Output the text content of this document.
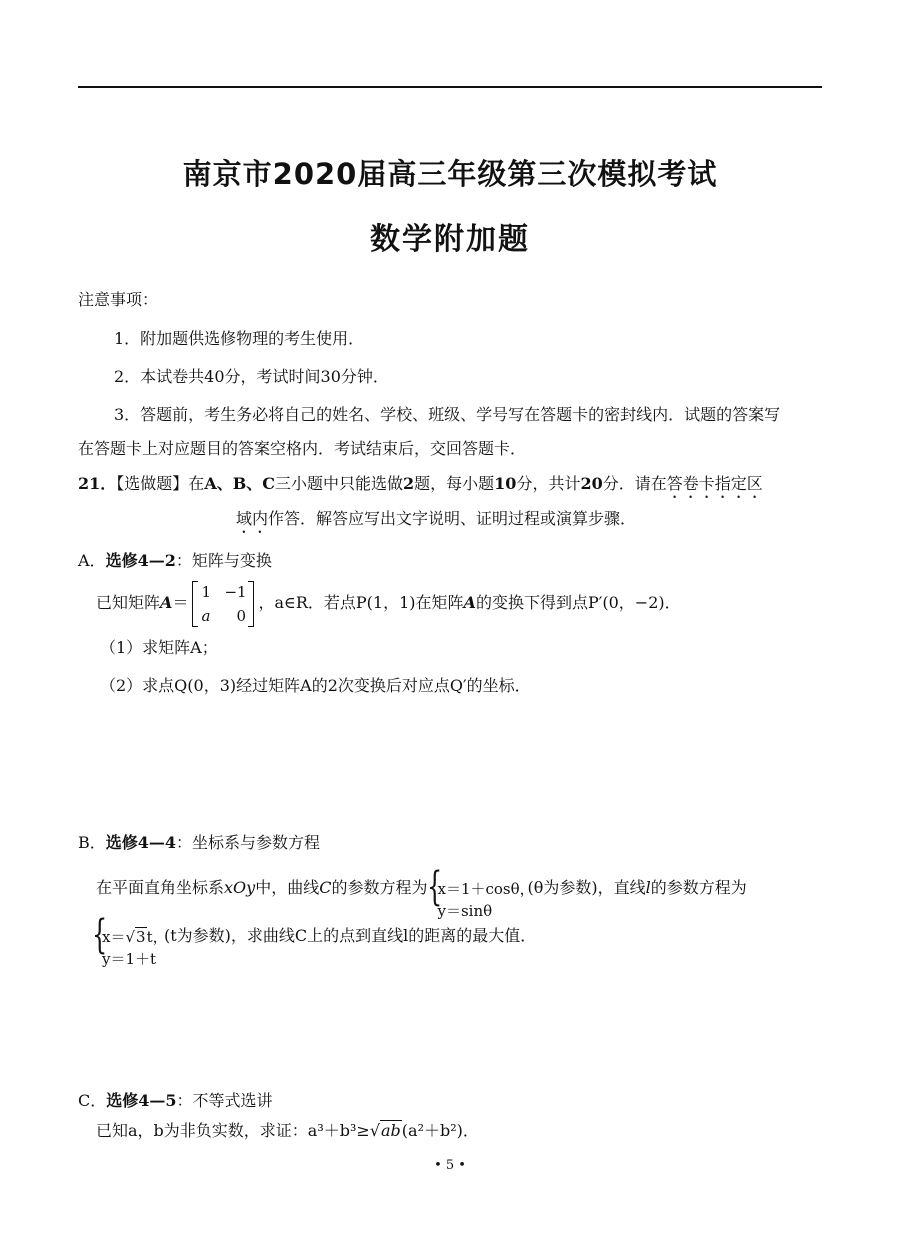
南京市2020届高三年级第三次模拟考试
数学附加题
注意事项：
1．附加题供选修物理的考生使用．
2．本试卷共40分，考试时间30分钟．
3．答题前，考生务必将自己的姓名、学校、班级、学号写在答题卡的密封线内．试题的答案写
在答题卡上对应题目的答案空格内．考试结束后，交回答题卡．
21．【选做题】在A、B、C三小题中只能选做2题，每小题10分，共计20分．请在答卷卡指定区
域内作答．解答应写出文字说明、证明过程或演算步骤．
A．选修4—2：矩阵与变换
已知矩阵A＝
1 −1
a 0
，a∈R．若点P(1，1)在矩阵A的变换下得到点P′(0，−2)．
（1）求矩阵A；
（2）求点Q(0，3)经过矩阵A的2次变换后对应点Q′的坐标．
B．选修4—4：坐标系与参数方程
在平面直角坐标系xOy中，曲线C的参数方程为 {
x＝1＋cosθ，
y＝sinθ
(θ为参数)，直线l的参数方程为
{
x＝√3t，
y＝1＋t
(t为参数)，求曲线C上的点到直线l的距离的最大值．
C．选修4—5：不等式选讲
已知a，b为非负实数，求证：a³＋b³≥√ab(a²＋b²)．
• 5 •
